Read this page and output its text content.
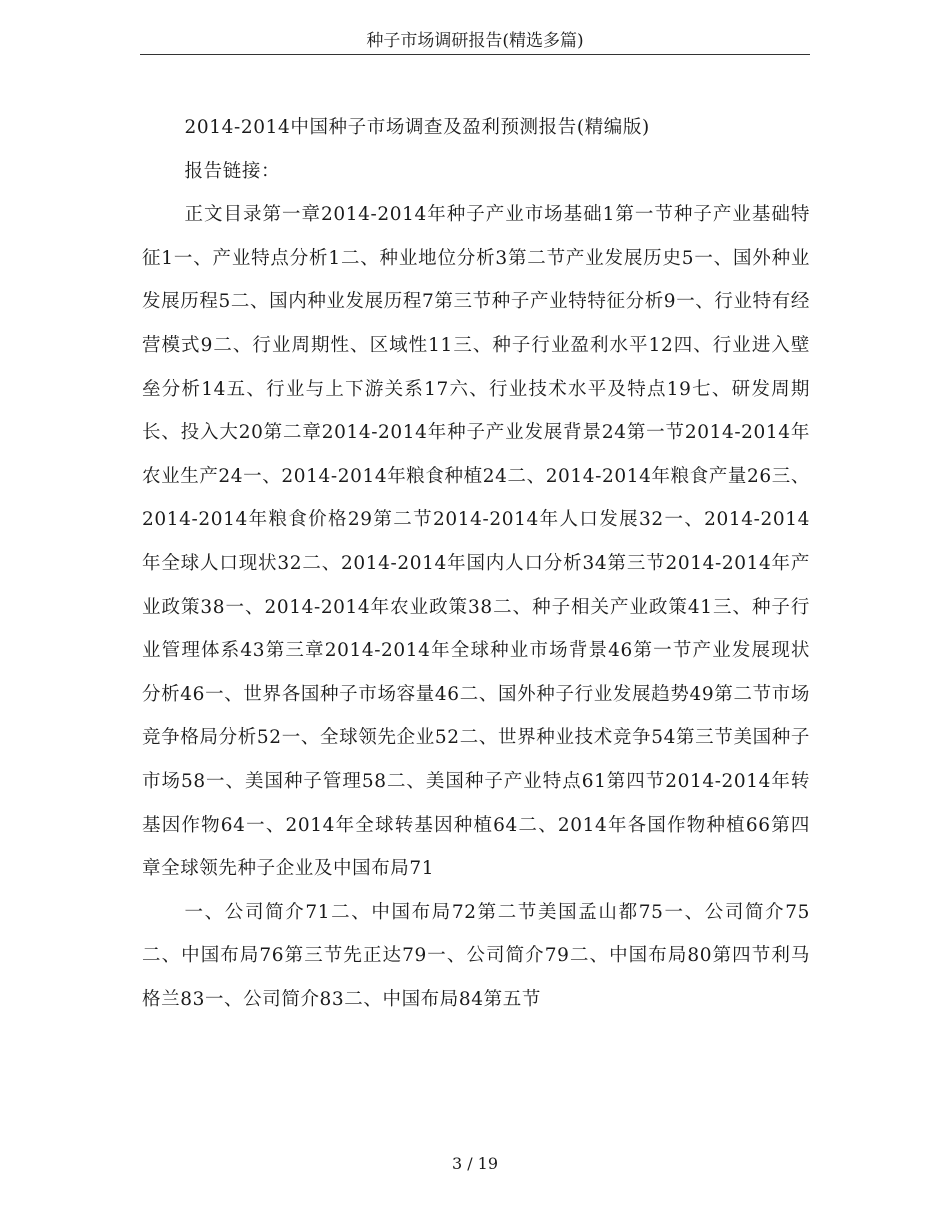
种子市场调研报告(精选多篇)

2014-2014中国种子市场调查及盈利预测报告(精编版)

报告链接：

正文目录第一章2014-2014年种子产业市场基础1第一节种子产业基础特征1一、产业特点分析1二、种业地位分析3第二节产业发展历史5一、国外种业发展历程5二、国内种业发展历程7第三节种子产业特特征分析9一、行业特有经营模式9二、行业周期性、区域性11三、种子行业盈利水平12四、行业进入壁垒分析14五、行业与上下游关系17六、行业技术水平及特点19七、研发周期长、投入大20第二章2014-2014年种子产业发展背景24第一节2014-2014年农业生产24一、2014-2014年粮食种植24二、2014-2014年粮食产量26三、2014-2014年粮食价格29第二节2014-2014年人口发展32一、2014-2014年全球人口现状32二、2014-2014年国内人口分析34第三节2014-2014年产业政策38一、2014-2014年农业政策38二、种子相关产业政策41三、种子行业管理体系43第三章2014-2014年全球种业市场背景46第一节产业发展现状分析46一、世界各国种子市场容量46二、国外种子行业发展趋势49第二节市场竞争格局分析52一、全球领先企业52二、世界种业技术竞争54第三节美国种子市场58一、美国种子管理58二、美国种子产业特点61第四节2014-2014年转基因作物64一、2014年全球转基因种植64二、2014年各国作物种植66第四章全球领先种子企业及中国布局71

一、公司简介71二、中国布局72第二节美国孟山都75一、公司简介75二、中国布局76第三节先正达79一、公司简介79二、中国布局80第四节利马格兰83一、公司简介83二、中国布局84第五节

3 / 19
